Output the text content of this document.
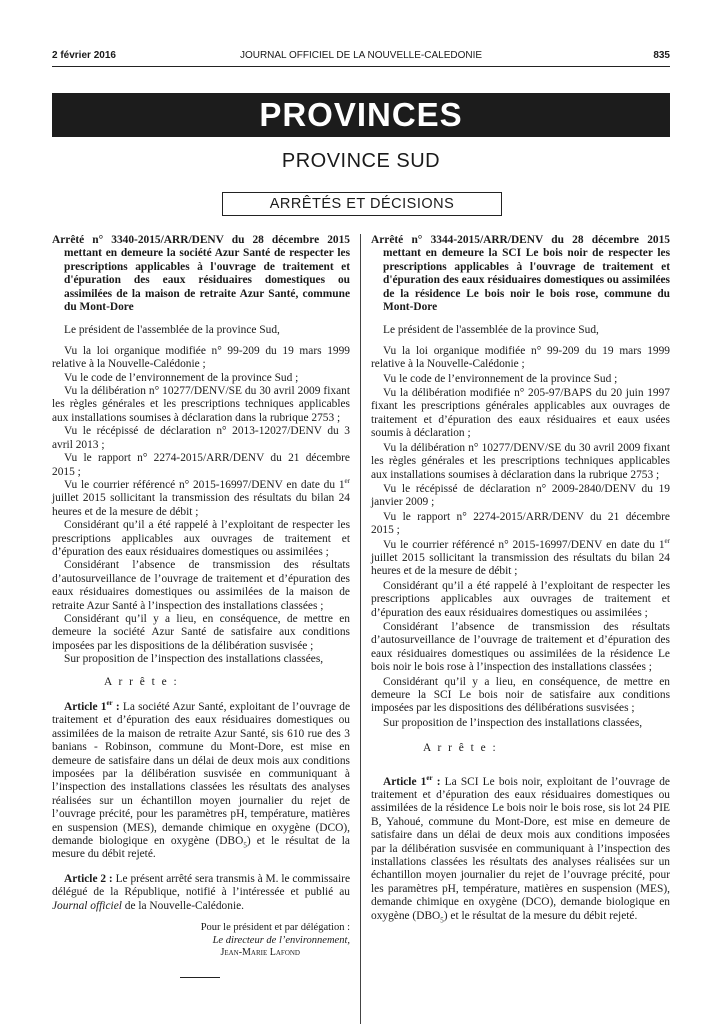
2 février 2016	JOURNAL OFFICIEL DE LA NOUVELLE-CALEDONIE	835
PROVINCES
PROVINCE SUD
ARRÊTÉS ET DÉCISIONS

Arrêté n° 3340-2015/ARR/DENV du 28 décembre 2015 mettant en demeure la société Azur Santé de respecter les prescriptions applicables à l'ouvrage de traitement et d'épuration des eaux résiduaires domestiques ou assimilées de la maison de retraite Azur Santé, commune du Mont-Dore

Le président de l'assemblée de la province Sud,

Vu la loi organique modifiée n° 99-209 du 19 mars 1999 relative à la Nouvelle-Calédonie ;

Vu le code de l’environnement de la province Sud ;

Vu la délibération n° 10277/DENV/SE du 30 avril 2009 fixant les règles générales et les prescriptions techniques applicables aux installations soumises à déclaration dans la rubrique 2753 ;

Vu le récépissé de déclaration n° 2013-12027/DENV du 3 avril 2013 ;

Vu le rapport n° 2274-2015/ARR/DENV du 21 décembre 2015 ;

Vu le courrier référencé n° 2015-16997/DENV en date du 1er juillet 2015 sollicitant la transmission des résultats du bilan 24 heures et de la mesure de débit ;

Considérant qu’il a été rappelé à l’exploitant de respecter les prescriptions applicables aux ouvrages de traitement et d’épuration des eaux résiduaires domestiques ou assimilées ;

Considérant l’absence de transmission des résultats d’autosurveillance de l’ouvrage de traitement et d’épuration des eaux résiduaires domestiques ou assimilées de la maison de retraite Azur Santé à l’inspection des installations classées ;

Considérant qu’il y a lieu, en conséquence, de mettre en demeure la société Azur Santé de satisfaire aux conditions imposées par les dispositions de la délibération susvisée ;

Sur proposition de l’inspection des installations classées,

A r r ê t e :

Article 1er : La société Azur Santé, exploitant de l’ouvrage de traitement et d’épuration des eaux résiduaires domestiques ou assimilées de la maison de retraite Azur Santé, sis 610 rue des 3 banians - Robinson, commune du Mont-Dore, est mise en demeure de satisfaire dans un délai de deux mois aux conditions imposées par la délibération susvisée en communiquant à l’inspection des installations classées les résultats des analyses réalisées sur un échantillon moyen journalier du rejet de l’ouvrage précité, pour les paramètres pH, température, matières en suspension (MES), demande chimique en oxygène (DCO), demande biologique en oxygène $(DBO_5)$ et le résultat de la mesure du débit rejeté.

Article 2 : Le présent arrêté sera transmis à M. le commissaire délégué de la République, notifié à l’intéressée et publié au Journal officiel de la Nouvelle-Calédonie.

Pour le président et par délégation :
Le directeur de l’environnement,
Jean-Marie Lafond

Arrêté n° 3344-2015/ARR/DENV du 28 décembre 2015 mettant en demeure la SCI Le bois noir de respecter les prescriptions applicables à l'ouvrage de traitement et d'épuration des eaux résiduaires domestiques ou assimilées de la résidence Le bois noir le bois rose, commune du Mont-Dore

Le président de l'assemblée de la province Sud,

Vu la loi organique modifiée n° 99-209 du 19 mars 1999 relative à la Nouvelle-Calédonie ;

Vu le code de l’environnement de la province Sud ;

Vu la délibération modifiée n° 205-97/BAPS du 20 juin 1997 fixant les prescriptions générales applicables aux ouvrages de traitement et d’épuration des eaux résiduaires et eaux usées soumis à déclaration ;

Vu la délibération n° 10277/DENV/SE du 30 avril 2009 fixant les règles générales et les prescriptions techniques applicables aux installations soumises à déclaration dans la rubrique 2753 ;

Vu le récépissé de déclaration n° 2009-2840/DENV du 19 janvier 2009 ;

Vu le rapport n° 2274-2015/ARR/DENV du 21 décembre 2015 ;

Vu le courrier référencé n° 2015-16997/DENV en date du 1er juillet 2015 sollicitant la transmission des résultats du bilan 24 heures et de la mesure de débit ;

Considérant qu’il a été rappelé à l’exploitant de respecter les prescriptions applicables aux ouvrages de traitement et d’épuration des eaux résiduaires domestiques ou assimilées ;

Considérant l’absence de transmission des résultats d’autosurveillance de l’ouvrage de traitement et d’épuration des eaux résiduaires domestiques ou assimilées de la résidence Le bois noir le bois rose à l’inspection des installations classées ;

Considérant qu’il y a lieu, en conséquence, de mettre en demeure la SCI Le bois noir de satisfaire aux conditions imposées par les dispositions des délibérations susvisées ;

Sur proposition de l’inspection des installations classées,

A r r ê t e :

Article 1er : La SCI Le bois noir, exploitant de l’ouvrage de traitement et d’épuration des eaux résiduaires domestiques ou assimilées de la résidence Le bois noir le bois rose, sis lot 24 PIE B, Yahoué, commune du Mont-Dore, est mise en demeure de satisfaire dans un délai de deux mois aux conditions imposées par la délibération susvisée en communiquant à l’inspection des installations classées les résultats des analyses réalisées sur un échantillon moyen journalier du rejet de l’ouvrage précité, pour les paramètres pH, température, matières en suspension (MES), demande chimique en oxygène (DCO), demande biologique en oxygène $(DBO_5)$ et le résultat de la mesure du débit rejeté.
